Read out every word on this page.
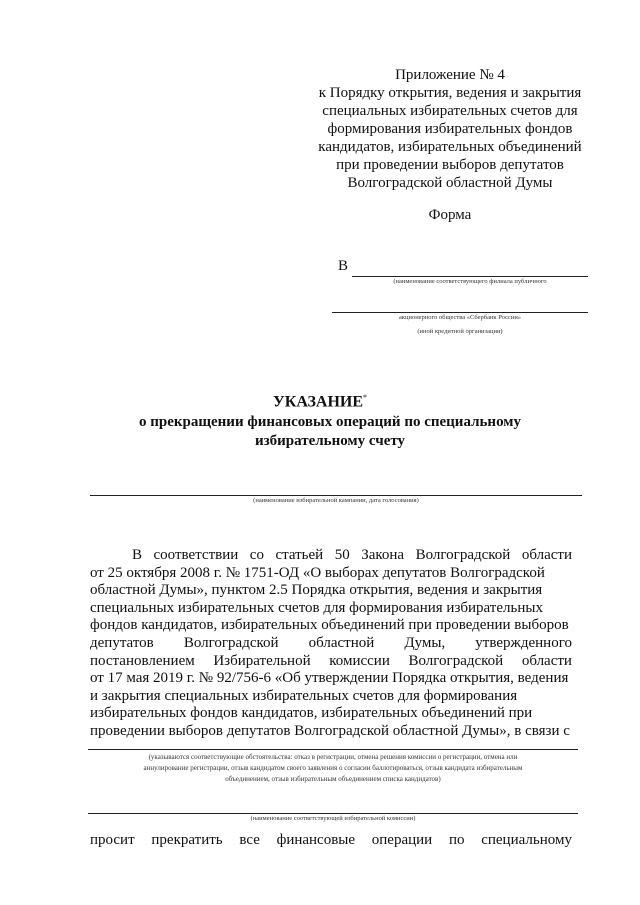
Приложение № 4
к Порядку открытия, ведения и закрытия
специальных избирательных счетов для
формирования избирательных фондов
кандидатов, избирательных объединений
при проведении выборов депутатов
Волгоградской областной Думы
Форма
В
(наименование соответствующего филиала публичного
акционерного общества «Сбербанк России»
(иной кредитной организации)
УКАЗАНИЕ*
о прекращении финансовых операций по специальному
избирательному счету
(наименование избирательной кампании, дата голосования)
В соответствии со статьей 50 Закона Волгоградской области
от 25 октября 2008 г. № 1751-ОД «О выборах депутатов Волгоградской
областной Думы», пунктом 2.5 Порядка открытия, ведения и закрытия
специальных избирательных счетов для формирования избирательных
фондов кандидатов, избирательных объединений при проведении выборов
депутатов Волгоградской областной Думы, утвержденного
постановлением Избирательной комиссии Волгоградской области
от 17 мая 2019 г. № 92/756-6 «Об утверждении Порядка открытия, ведения
и закрытия специальных избирательных счетов для формирования
избирательных фондов кандидатов, избирательных объединений при
проведении выборов депутатов Волгоградской областной Думы», в связи с
(указываются соответствующие обстоятельства: отказ в регистрации, отмена решения комиссии о регистрации, отмена или
аннулирование регистрации, отзыв кандидатом своего заявления о согласии баллотироваться, отзыв кандидата избирательным
объединением, отзыв избирательным объединением списка кандидатов)
(наименование соответствующей избирательной комиссии)
просит прекратить все финансовые операции по специальному
